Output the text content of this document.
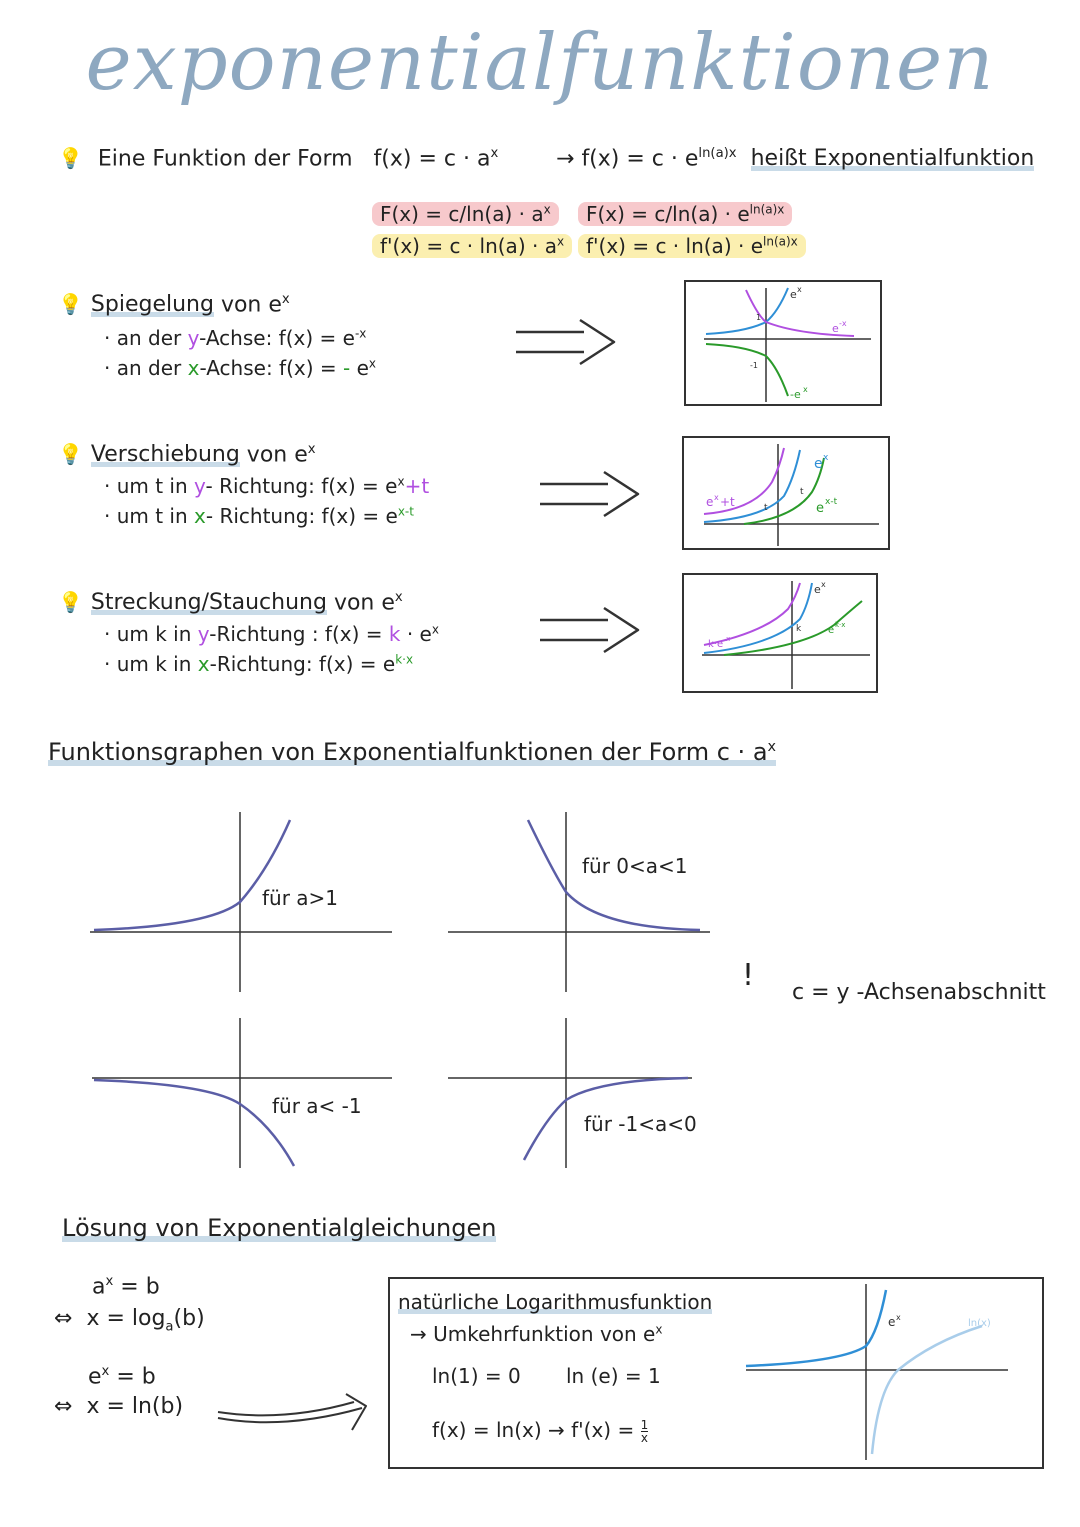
exponentialfunktionen
💡 Eine Funktion der Form $f(x) = c \cdot a^x$	→ $f(x) = c \cdot e^{ln(a)x}$ heißt Exponentialfunktion
$F(x) = c/\ln(a) \cdot a^x$
$f'(x) = c \cdot \ln(a) \cdot a^x$
$F(x) = c/\ln(a) \cdot e^{ln(a)x}$
$f'(x) = c \cdot \ln(a) \cdot e^{ln(a)x}$
💡 Spiegelung von $e^x$
· an der y-Achse: $f(x) = e^{-x}$
· an der x-Achse: f(x) = - $e^x$
e x
e -x
-e x
1
-1
💡 Verschiebung von $e^x$
· um t in y- Richtung: $f(x) = e^x+t$
· um t in x- Richtung: $f(x) = e^{x-t}$
e x +t
e x
e x-t
t
t
💡 Streckung/Stauchung von $e^x$
· um k in y-Richtung : $f(x) = k \cdot e^x$
· um k in x-Richtung: $f(x) = e^{k\cdot x}$
k·e x
e x
e k·x
k
Funktionsgraphen von Exponentialfunktionen der Form $c \cdot a^x$
für a>1
für 0<a<1
! c = y -Achsenabschnitt
für a< -1
für -1<a<0
Lösung von Exponentialgleichungen
$a^x = b$
⇔ $x = \log_a(b)$
$e^x = b$
⇔ x = ln(b)
natürliche Logarithmusfunktion
→ Umkehrfunktion von $e^x$
ln(1) = 0 ln (e) = 1
$f(x) = \ln(x) \to f'(x) = \frac{1}{x}$
e x
ln(x)
